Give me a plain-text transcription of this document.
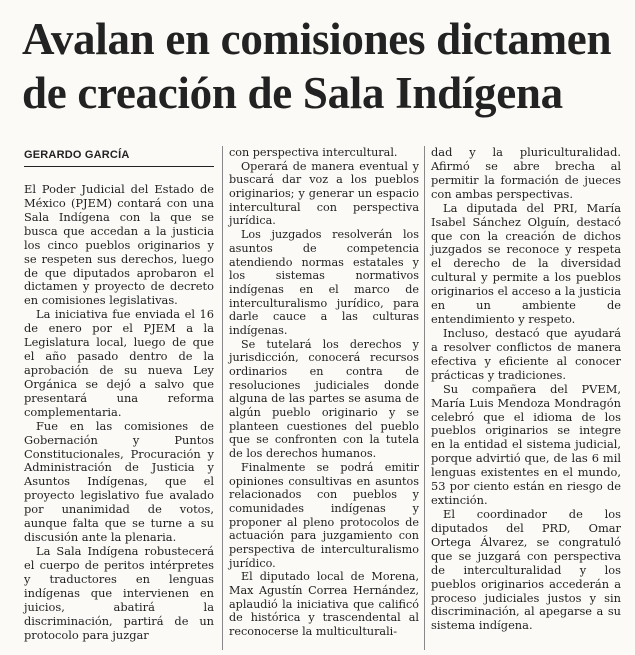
Avalan en comisiones dictamen
de creación de Sala Indígena
GERARDO GARCÍA

El Poder Judicial del Estado de México (PJEM) contará con una Sala Indígena con la que se busca que accedan a la justicia los cinco pueblos originarios y se respeten sus derechos, luego de que diputados aprobaron el dictamen y proyecto de decreto en comisiones legislativas.

La iniciativa fue enviada el 16 de enero por el PJEM a la Legislatura local, luego de que el año pasado dentro de la aprobación de su nueva Ley Orgánica se dejó a salvo que presentará una reforma complementaria.

Fue en las comisiones de Gobernación y Puntos Constitucionales, Procuración y Administración de Justicia y Asuntos Indígenas, que el proyecto legislativo fue avalado por unanimidad de votos, aunque falta que se turne a su discusión ante la plenaria.

La Sala Indígena robustecerá el cuerpo de peritos intérpretes y traductores en lenguas indígenas que intervienen en juicios, abatirá la discriminación, partirá de un protocolo para juzgar

con perspectiva intercultural.

Operará de manera eventual y buscará dar voz a los pueblos originarios; y generar un espacio intercultural con perspectiva jurídica.

Los juzgados resolverán los asuntos de competencia atendiendo normas estatales y los sistemas normativos indígenas en el marco de interculturalismo jurídico, para darle cauce a las culturas indígenas.

Se tutelará los derechos y jurisdicción, conocerá recursos ordinarios en contra de resoluciones judiciales donde alguna de las partes se asuma de algún pueblo originario y se planteen cuestiones del pueblo que se confronten con la tutela de los derechos humanos.

Finalmente se podrá emitir opiniones consultivas en asuntos relacionados con pueblos y comunidades indígenas y proponer al pleno protocolos de actuación para juzgamiento con perspectiva de interculturalismo jurídico.

El diputado local de Morena, Max Agustín Correa Hernández, aplaudió la iniciativa que calificó de histórica y trascendental al reconocerse la multiculturali-

dad y la pluriculturalidad. Afirmó se abre brecha al permitir la formación de jueces con ambas perspectivas.

La diputada del PRI, María Isabel Sánchez Olguín, destacó que con la creación de dichos juzgados se reconoce y respeta el derecho de la diversidad cultural y permite a los pueblos originarios el acceso a la justicia en un ambiente de entendimiento y respeto.

Incluso, destacó que ayudará a resolver conflictos de manera efectiva y eficiente al conocer prácticas y tradiciones.

Su compañera del PVEM, María Luis Mendoza Mondragón celebró que el idioma de los pueblos originarios se integre en la entidad el sistema judicial, porque advirtió que, de las 6 mil lenguas existentes en el mundo, 53 por ciento están en riesgo de extinción.

El coordinador de los diputados del PRD, Omar Ortega Álvarez, se congratuló que se juzgará con perspectiva de interculturalidad y los pueblos originarios accederán a proceso judiciales justos y sin discriminación, al apegarse a su sistema indígena.
